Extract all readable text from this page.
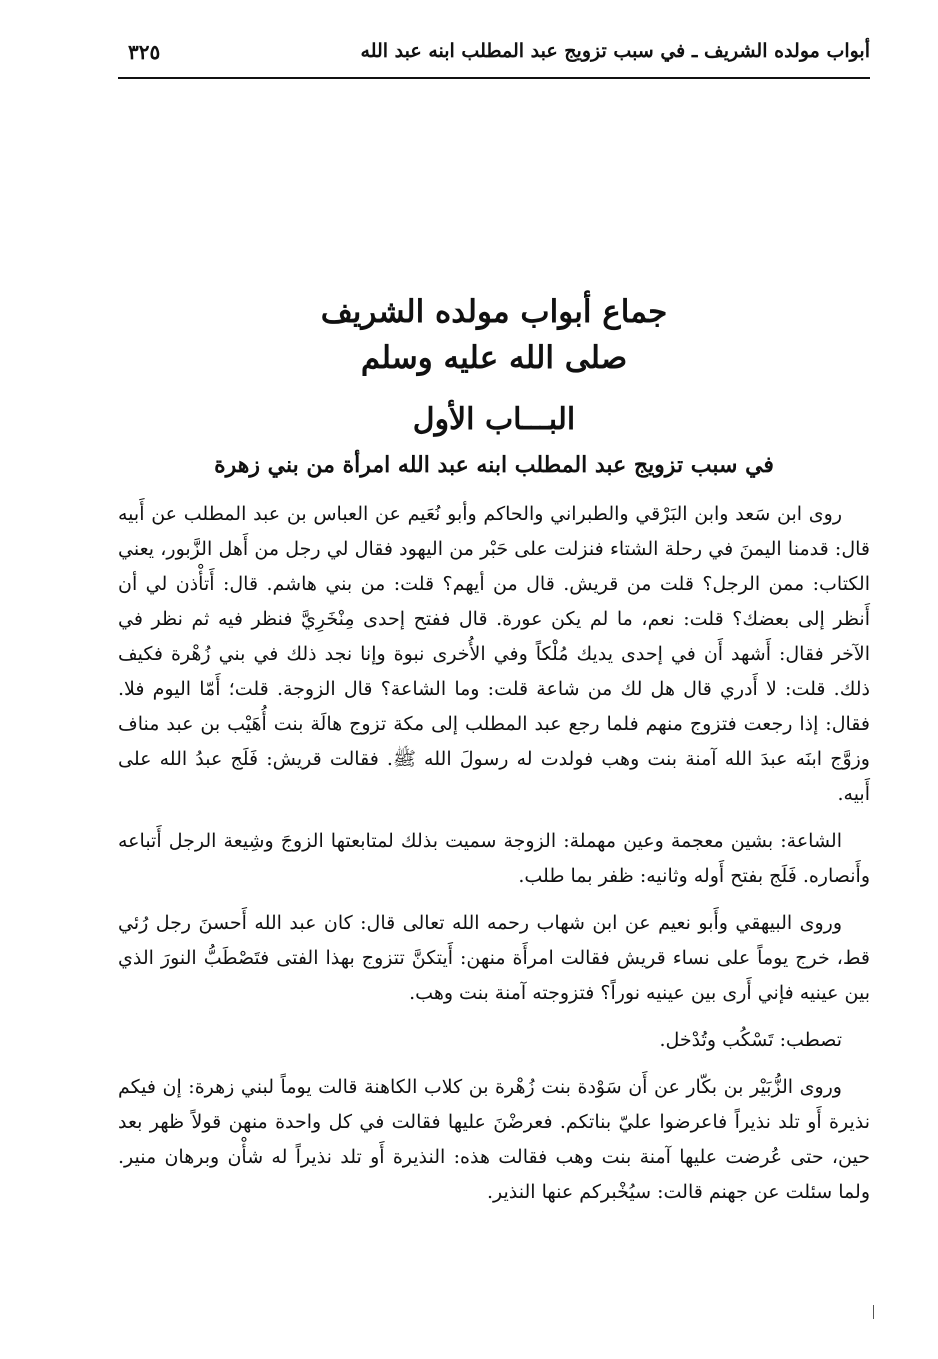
أبواب مولده الشريف ـ في سبب تزويج عبد المطلب ابنه عبد الله
٣٢٥
جماع أبواب مولده الشريف
صلى الله عليه وسلم
البـــاب الأول
في سبب تزويج عبد المطلب ابنه عبد الله امرأة من بني زهرة

روى ابن سَعد وابن البَرْقي والطبراني والحاكم وأبو نُعَيم عن العباس بن عبد المطلب عن أَبيه قال: قدمنا اليمنَ في رحلة الشتاء فنزلت على حَبْر من اليهود فقال لي رجل من أَهل الزَّبور، يعني الكتاب: ممن الرجل؟ قلت من قريش. قال من أيهم؟ قلت: من بني هاشم. قال: أَتأْذن لي أن أَنظر إلى بعضك؟ قلت: نعم، ما لم يكن عورة. قال ففتح إحدى مِنْخَرِيَّ فنظر فيه ثم نظر في الآخر فقال: أَشهد أَن في إحدى يديك مُلْكاً وفي الأُخرى نبوة وإنا نجد ذلك في بني زُهْرة فكيف ذلك. قلت: لا أَدري قال هل لك من شاعة قلت: وما الشاعة؟ قال الزوجة. قلت؛ أَمّا اليوم فلا. فقال: إذا رجعت فتزوج منهم فلما رجع عبد المطلب إلى مكة تزوج هالَة بنت أُهَيْب بن عبد مناف وزوَّج ابنَه عبدَ الله آمنة بنت وهب فولدت له رسولَ الله ﷺ. فقالت قريش: فَلَج عبدُ الله على أَبيه.

الشاعة: بشين معجمة وعين مهملة: الزوجة سميت بذلك لمتابعتها الزوجَ وشِيعة الرجل أَتباعه وأَنصاره. فَلَج بفتح أَوله وثانيه: ظفر بما طلب.

وروى البيهقي وأَبو نعيم عن ابن شهاب رحمه الله تعالى قال: كان عبد الله أَحسنَ رجل رُئي قط، خرج يوماً على نساء قريش فقالت امرأَة منهن: أَيتكنَّ تتزوج بهذا الفتى فتَصْطَبُّ النورَ الذي بين عينيه فإني أَرى بين عينيه نوراً؟ فتزوجته آمنة بنت وهب.

تصطب: تَسْكُب وتُدْخل.

وروى الزُّبَيْر بن بكّار عن أَن سَوْدة بنت زُهْرة بن كلاب الكاهنة قالت يوماً لبني زهرة: إن فيكم نذيرة أَو تلد نذيراً فاعرضوا عليّ بناتكم. فعرضْنَ عليها فقالت في كل واحدة منهن قولاً ظهر بعد حين، حتى عُرضت عليها آمنة بنت وهب فقالت هذه: النذيرة أَو تلد نذيراً له شأْن وبرهان منير. ولما سئلت عن جهنم قالت: سيُخْبركم عنها النذير.
